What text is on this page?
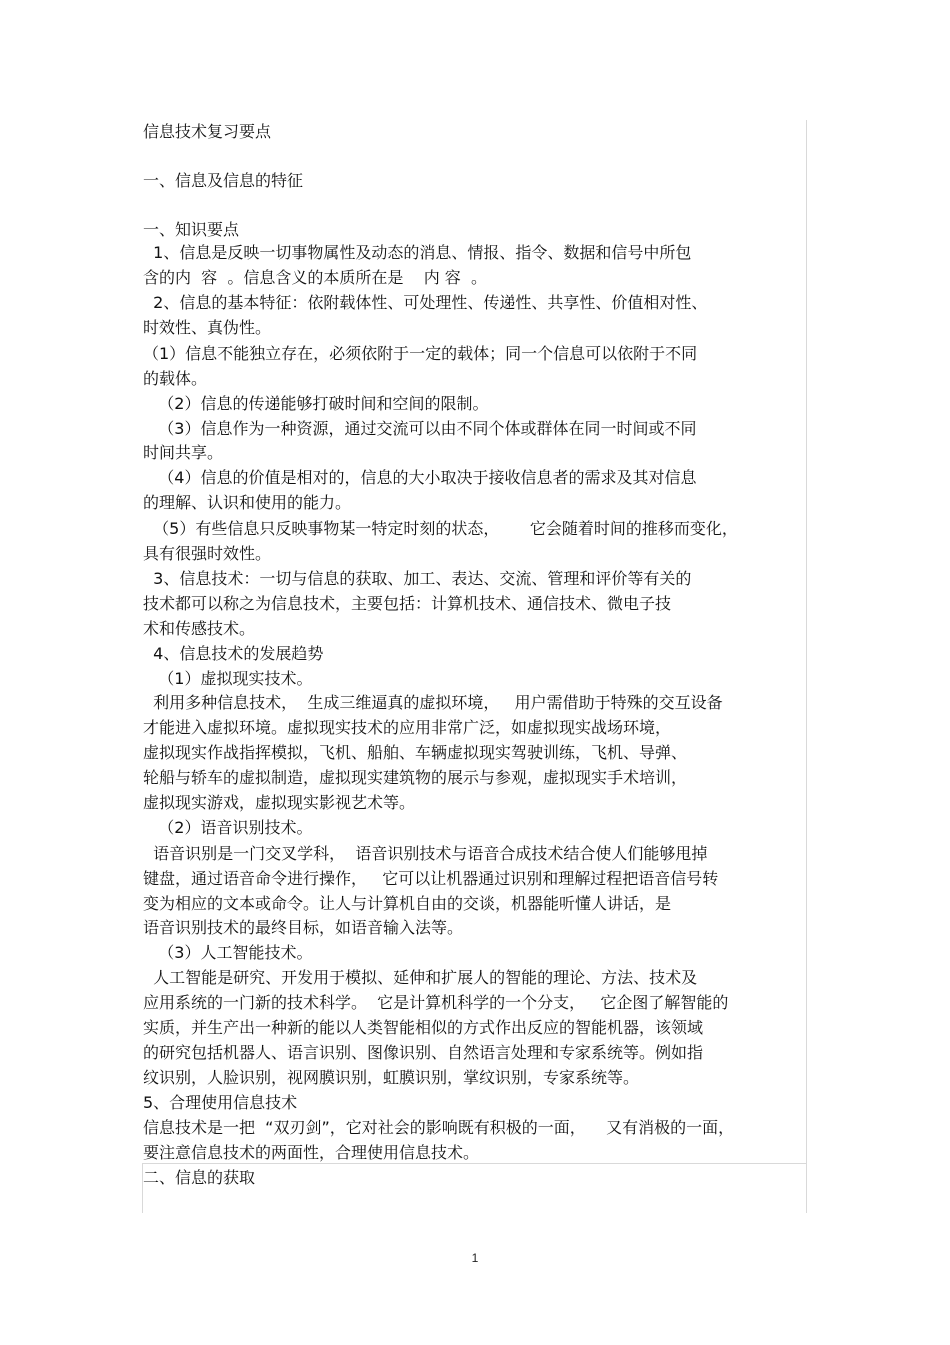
信息技术复习要点
一、信息及信息的特征
一、知识要点
1、信息是反映一切事物属性及动态的消息、情报、指令、数据和信号中所包
含的内  容  。信息含义的本质所在是    内 容  。
2、信息的基本特征：依附载体性、可处理性、传递性、共享性、价值相对性、
时效性、真伪性。
（1）信息不能独立存在，必须依附于一定的载体；同一个信息可以依附于不同
的载体。
（2）信息的传递能够打破时间和空间的限制。
（3）信息作为一种资源，通过交流可以由不同个体或群体在同一时间或不同
时间共享。
（4）信息的价值是相对的，信息的大小取决于接收信息者的需求及其对信息
的理解、认识和使用的能力。
（5）有些信息只反映事物某一特定时刻的状态，      它会随着时间的推移而变化，
具有很强时效性。
3、信息技术：一切与信息的获取、加工、表达、交流、管理和评价等有关的
技术都可以称之为信息技术，主要包括：计算机技术、通信技术、微电子技
术和传感技术。
4、信息技术的发展趋势
（1）虚拟现实技术。
利用多种信息技术，  生成三维逼真的虚拟环境，   用户需借助于特殊的交互设备
才能进入虚拟环境。虚拟现实技术的应用非常广泛，如虚拟现实战场环境，
虚拟现实作战指挥模拟，飞机、船舶、车辆虚拟现实驾驶训练，飞机、导弹、
轮船与轿车的虚拟制造，虚拟现实建筑物的展示与参观，虚拟现实手术培训，
虚拟现实游戏，虚拟现实影视艺术等。
（2）语音识别技术。
语音识别是一门交叉学科，  语音识别技术与语音合成技术结合使人们能够甩掉
键盘，通过语音命令进行操作，   它可以让机器通过识别和理解过程把语音信号转
变为相应的文本或命令。让人与计算机自由的交谈，机器能听懂人讲话，是
语音识别技术的最终目标，如语音输入法等。
（3）人工智能技术。
人工智能是研究、开发用于模拟、延伸和扩展人的智能的理论、方法、技术及
应用系统的一门新的技术科学。  它是计算机科学的一个分支，   它企图了解智能的
实质，并生产出一种新的能以人类智能相似的方式作出反应的智能机器，该领域
的研究包括机器人、语言识别、图像识别、自然语言处理和专家系统等。例如指
纹识别，人脸识别，视网膜识别，虹膜识别，掌纹识别，专家系统等。
5、合理使用信息技术
信息技术是一把  “双刃剑”，它对社会的影响既有积极的一面，    又有消极的一面，
要注意信息技术的两面性，合理使用信息技术。
二、信息的获取
1
